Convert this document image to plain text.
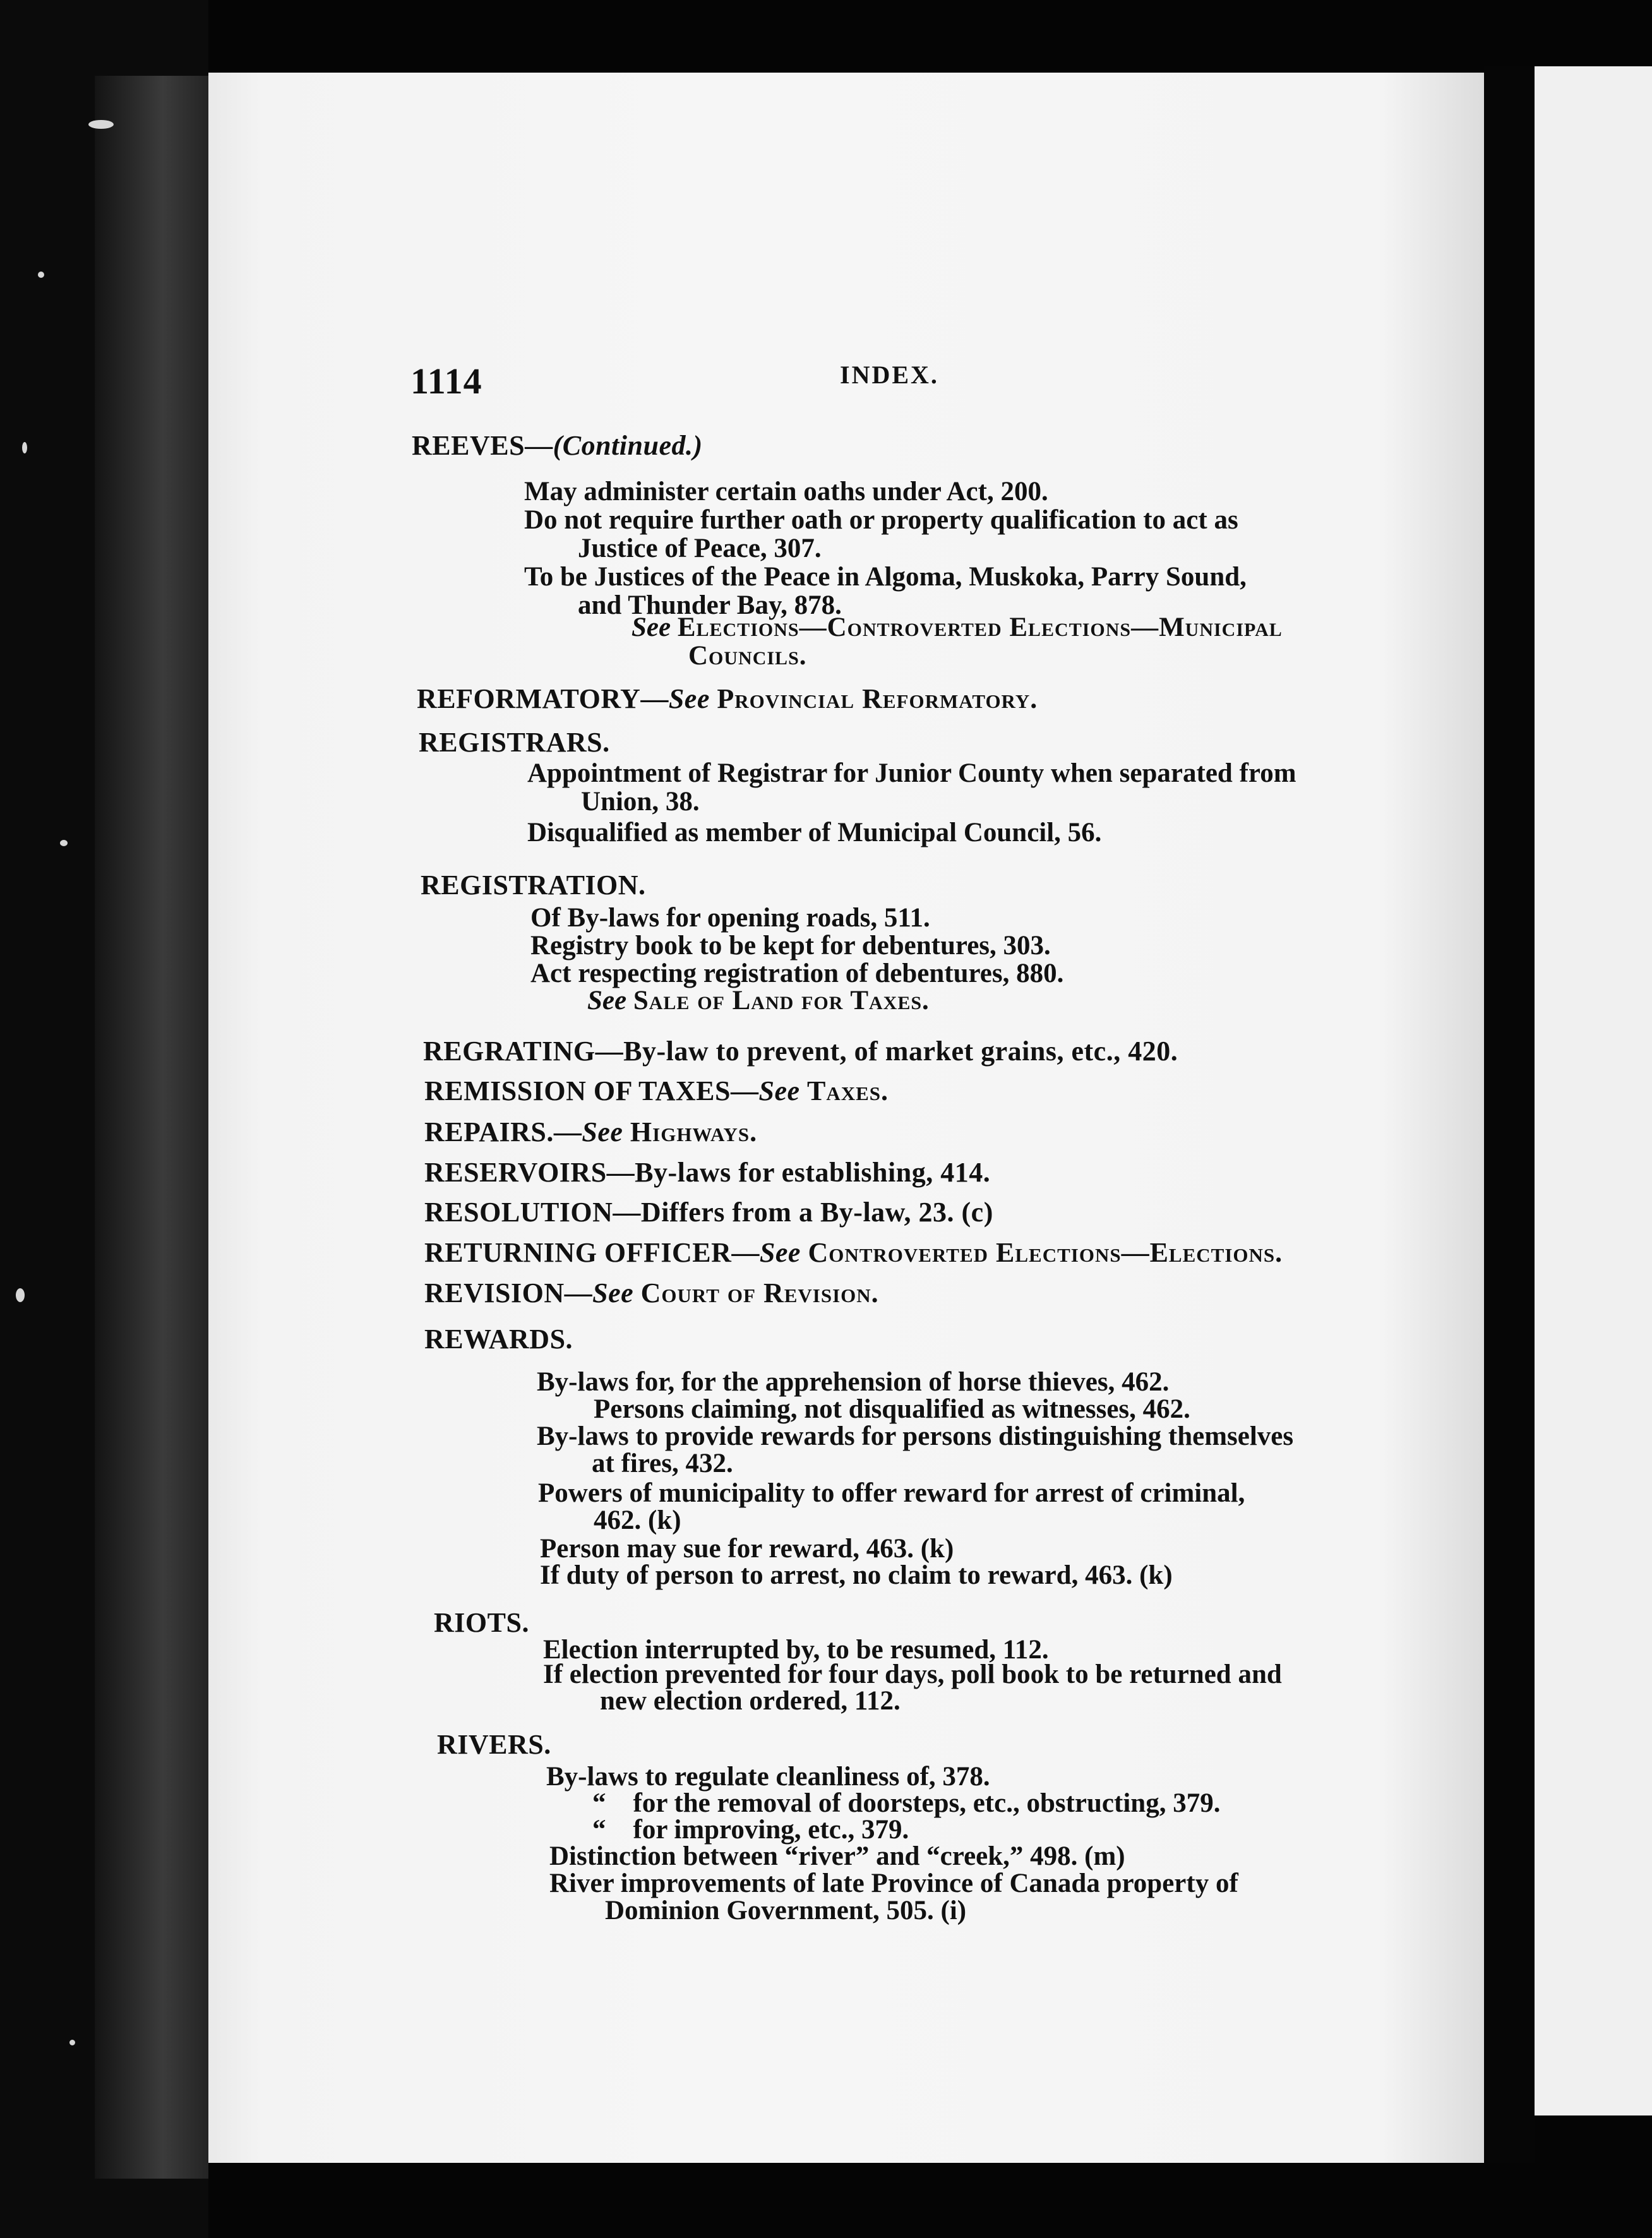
1114	INDEX.
REEVES—(Continued.)
May administer certain oaths under Act, 200.
Do not require further oath or property qualification to act as
Justice of Peace, 307.
To be Justices of the Peace in Algoma, Muskoka, Parry Sound,
and Thunder Bay, 878.
See Elections—Controverted Elections—Municipal
Councils.
REFORMATORY—See Provincial Reformatory.
REGISTRARS.
Appointment of Registrar for Junior County when separated from
Union, 38.
Disqualified as member of Municipal Council, 56.
REGISTRATION.
Of By-laws for opening roads, 511.
Registry book to be kept for debentures, 303.
Act respecting registration of debentures, 880.
See Sale of Land for Taxes.
REGRATING—By-law to prevent, of market grains, etc., 420.
REMISSION OF TAXES—See Taxes.
REPAIRS.—See Highways.
RESERVOIRS—By-laws for establishing, 414.
RESOLUTION—Differs from a By-law, 23. (c)
RETURNING OFFICER—See Controverted Elections—Elections.
REVISION—See Court of Revision.
REWARDS.
By-laws for, for the apprehension of horse thieves, 462.
Persons claiming, not disqualified as witnesses, 462.
By-laws to provide rewards for persons distinguishing themselves
at fires, 432.
Powers of municipality to offer reward for arrest of criminal,
462. (k)
Person may sue for reward, 463. (k)
If duty of person to arrest, no claim to reward, 463. (k)
RIOTS.
Election interrupted by, to be resumed, 112.
If election prevented for four days, poll book to be returned and
new election ordered, 112.
RIVERS.
By-laws to regulate cleanliness of, 378.
“ for the removal of doorsteps, etc., obstructing, 379.
“ for improving, etc., 379.
Distinction between “river” and “creek,” 498. (m)
River improvements of late Province of Canada property of
Dominion Government, 505. (i)
